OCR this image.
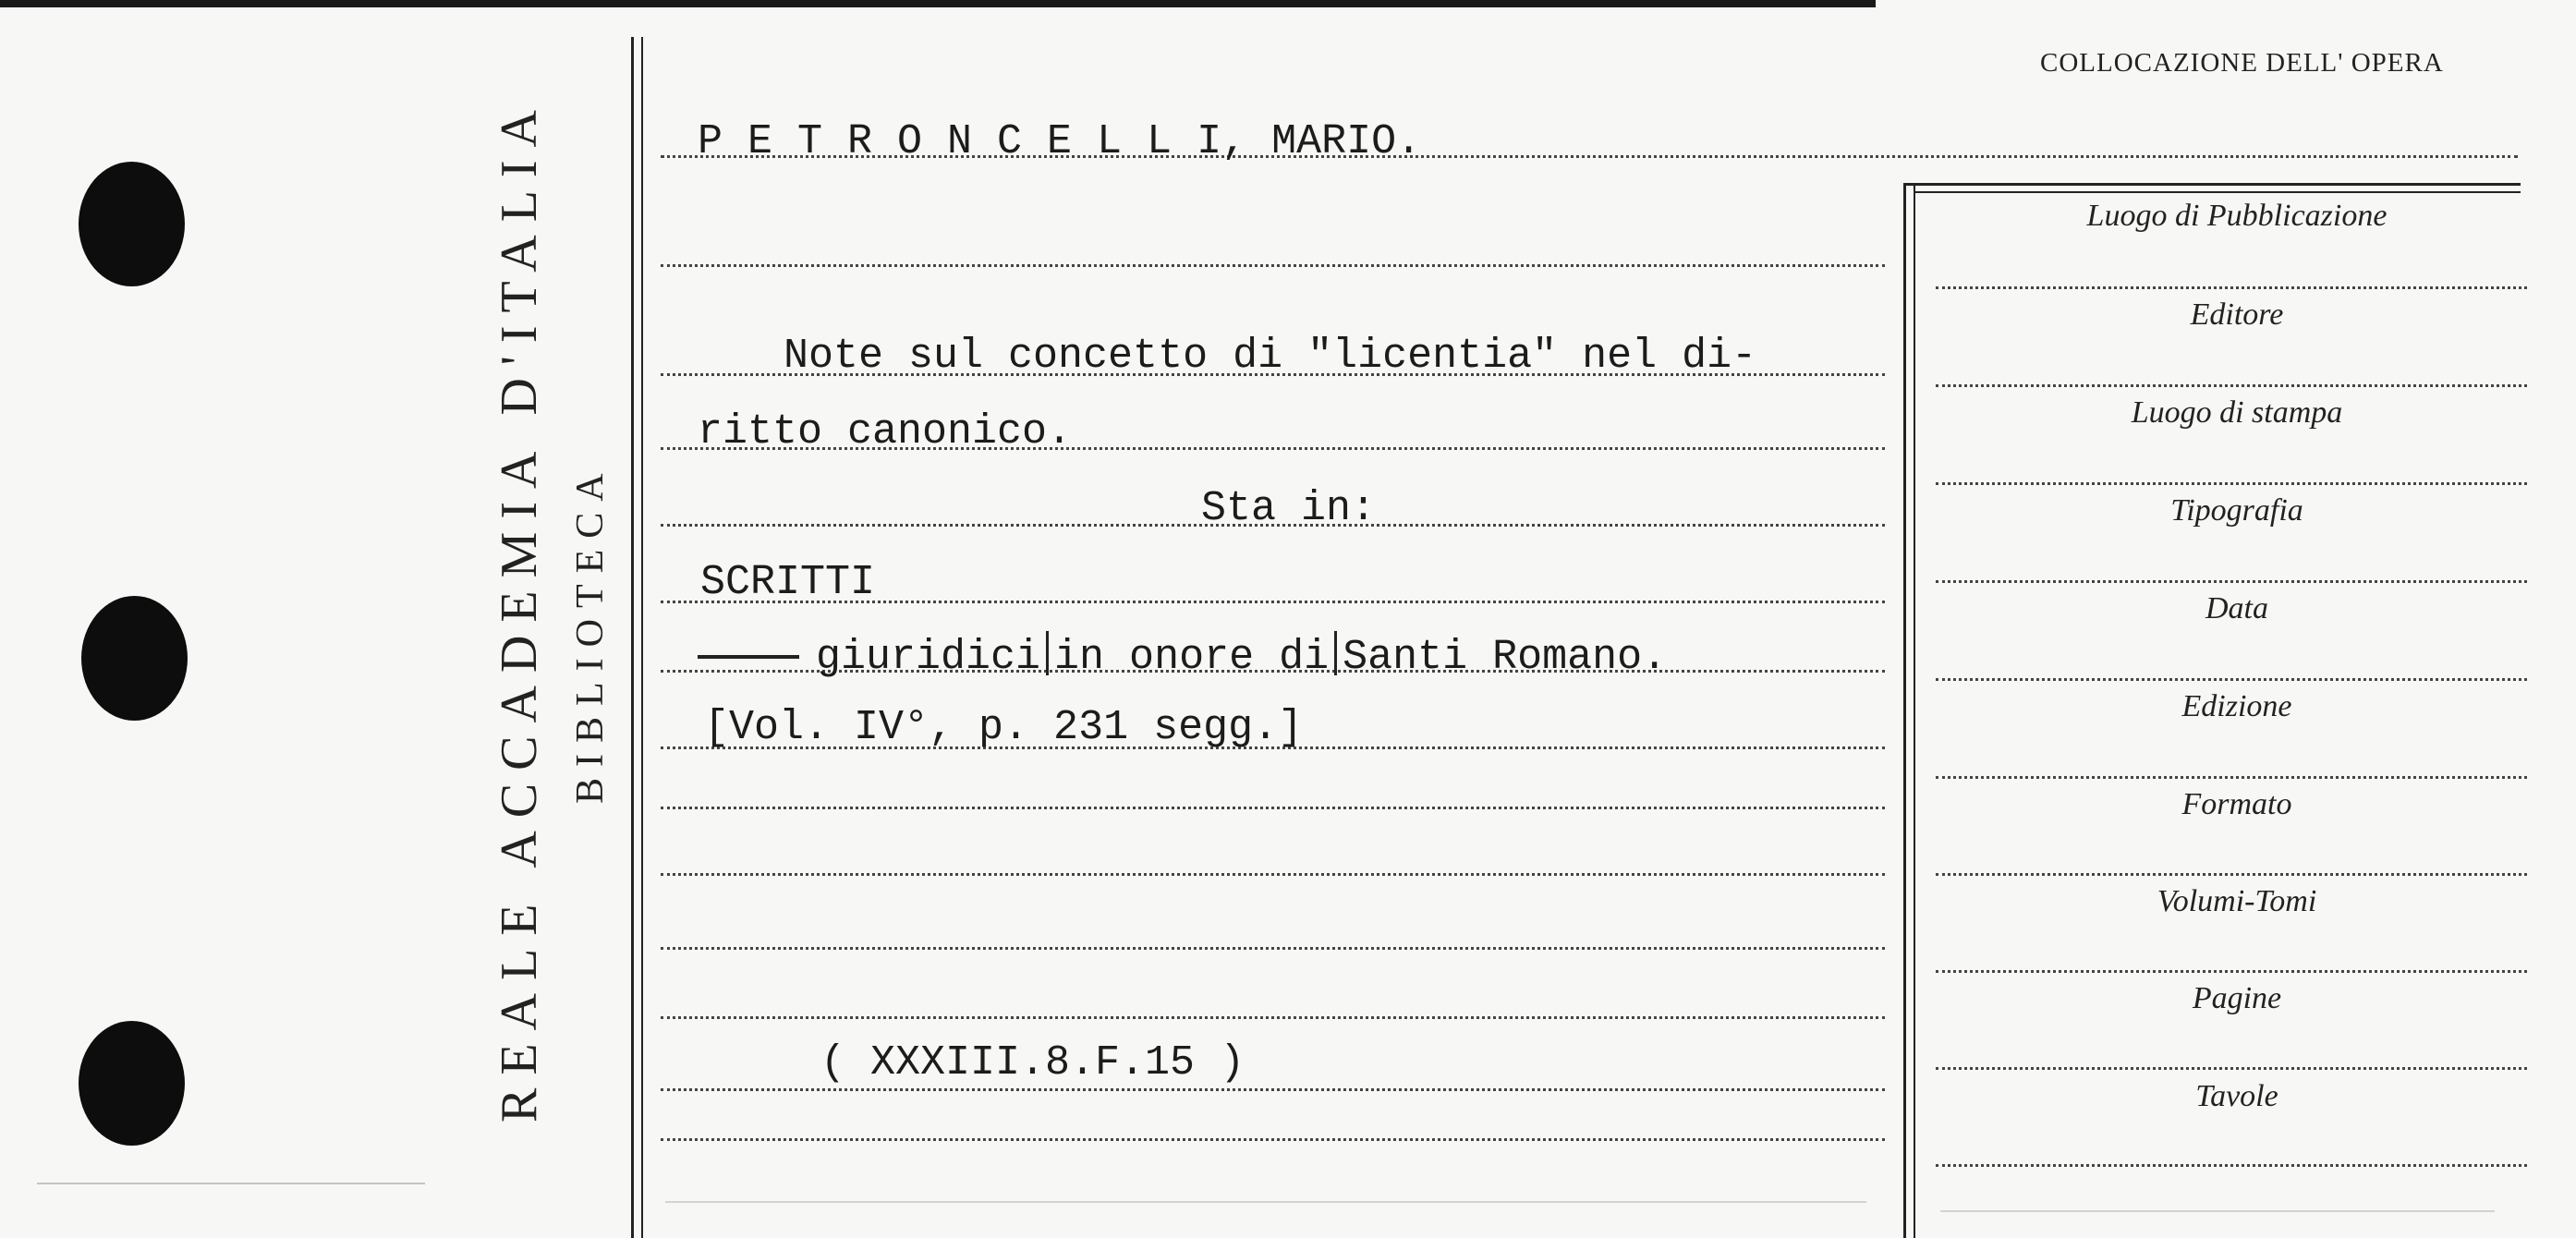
REALE ACCADEMIA D'ITALIA BIBLIOTECA
COLLOCAZIONE DELL' OPERA
P E T R O N C E L L I, MARIO.
Note sul concetto di "licentia" nel di-
ritto canonico.
Sta in:
SCRITTI
giuridici in onore di Santi Romano.
[Vol. IV°, p. 231 segg.]
( XXXIII.8.F.15 )
Luogo di Pubblicazione
Editore
Luogo di stampa
Tipografia
Data
Edizione
Formato
Volumi-Tomi
Pagine
Tavole
